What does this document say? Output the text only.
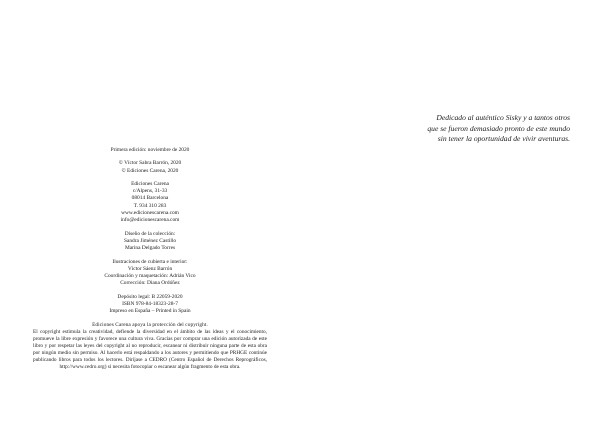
Primera edición: noviembre de 2020
© Víctor Sabra Barrón, 2020
© Ediciones Carena, 2020
Ediciones Carena
c/Alpens, 31-33
08014 Barcelona
T. 934 310 283
www.edicionescarena.com
info@edicionescarena.com
Diseño de la colección:
Sandra Jiménez Castillo
Marina Delgado Torres
Ilustraciones de cubierta e interior:
Víctor Sáenz Barrón
Coordinación y maquetación: Adrián Vico
Corrección: Diana Ordóñez
Depósito legal: B 22059-2020
ISBN 978-84-18323-28-7
Impreso en España – Printed in Spain
Ediciones Carena apoya la protección del copyright.
El copyright estimula la creatividad, defiende la diversidad en el ámbito de las ideas y el conocimiento, promueve la libre expresión y favorece una cultura viva. Gracias por comprar una edición autorizada de este libro y por respetar las leyes del copyright al no reproducir, escanear ni distribuir ninguna parte de esta obra por ningún medio sin permiso. Al hacerlo está respaldando a los autores y permitiendo que PRHGE continúe publicando libros para todos los lectores. Diríjase a CEDRO (Centro Español de Derechos Reprográficos, http://www.cedro.org) si necesita fotocopiar o escanear algún fragmento de esta obra.
Dedicado al auténtico Sisky y a tantos otros
que se fueron demasiado pronto de este mundo
sin tener la oportunidad de vivir aventuras.
